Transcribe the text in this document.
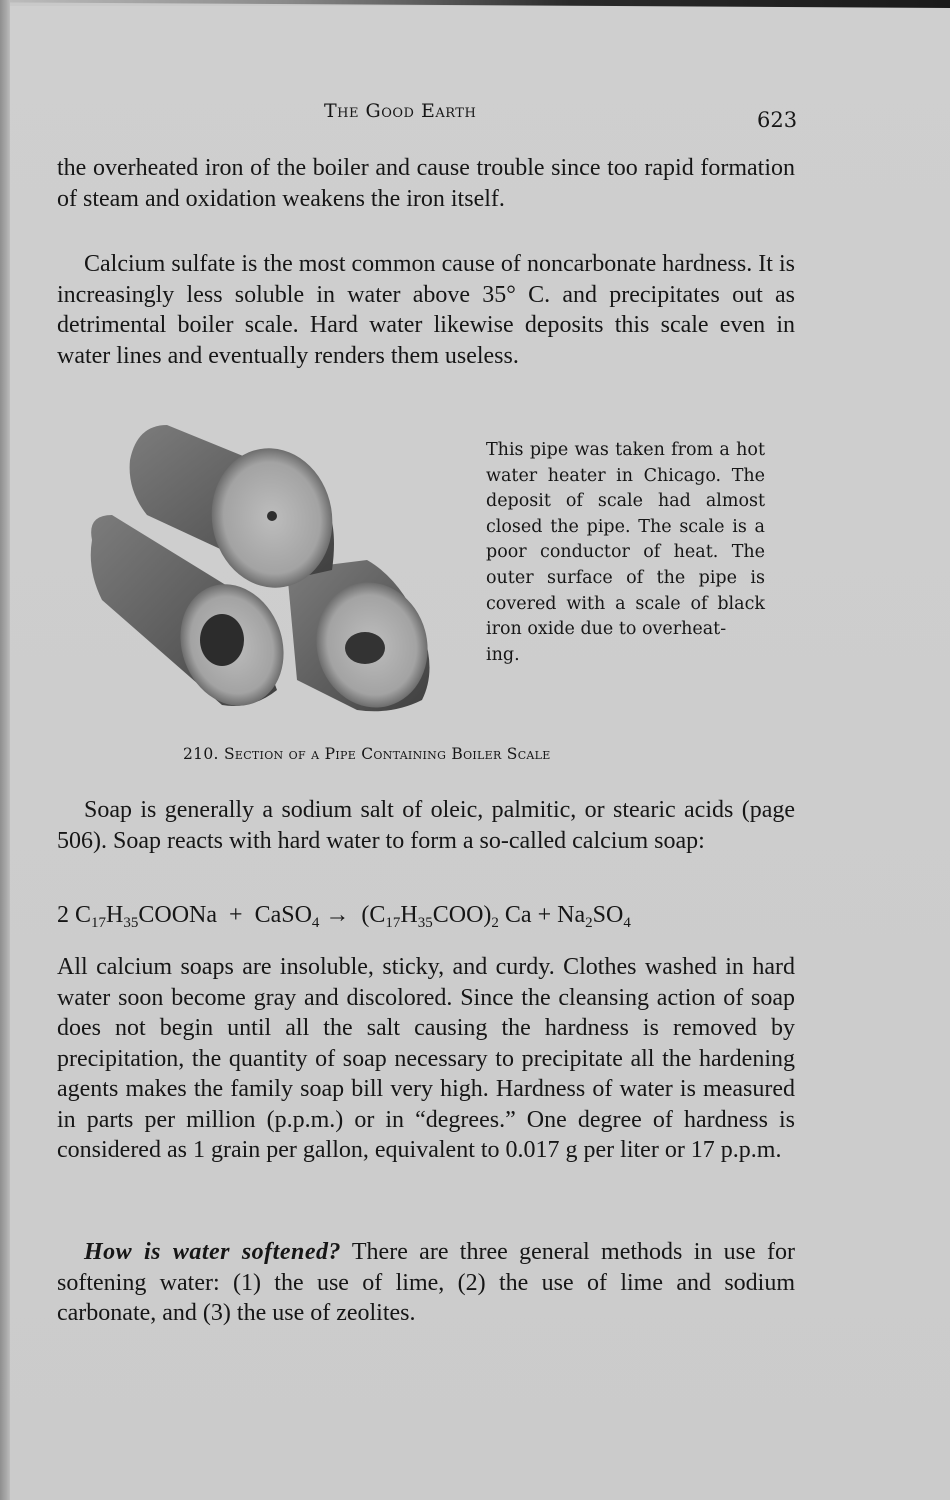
The Good Earth	623
the overheated iron of the boiler and cause trouble since too rapid formation of steam and oxidation weakens the iron itself.
Calcium sulfate is the most common cause of noncarbonate hardness. It is increasingly less soluble in water above 35° C. and precipitates out as detrimental boiler scale. Hard water likewise deposits this scale even in water lines and eventually renders them useless.
This pipe was taken from a hot water heater in Chicago. The deposit of scale had almost closed the pipe. The scale is a poor conductor of heat. The outer surface of the pipe is covered with a scale of black iron oxide due to overheat-
ing.
210. Section of a Pipe Containing Boiler Scale
Soap is generally a sodium salt of oleic, palmitic, or stearic acids (page 506). Soap reacts with hard water to form a so-called calcium soap:
2 $C_{17}H_{35}COONa$ + CaSO$_4$ → $(C_{17}H_{35}COO)_2$ $Ca + Na_2SO_4$
All calcium soaps are insoluble, sticky, and curdy. Clothes washed in hard water soon become gray and discolored. Since the cleansing action of soap does not begin until all the salt causing the hardness is removed by precipitation, the quantity of soap necessary to precipitate all the hardening agents makes the family soap bill very high. Hardness of water is measured in parts per million (p.p.m.) or in “degrees.” One degree of hardness is considered as 1 grain per gallon, equivalent to 0.017 g per liter or 17 p.p.m.
How is water softened? There are three general methods in use for softening water: (1) the use of lime, (2) the use of lime and sodium carbonate, and (3) the use of zeolites.
